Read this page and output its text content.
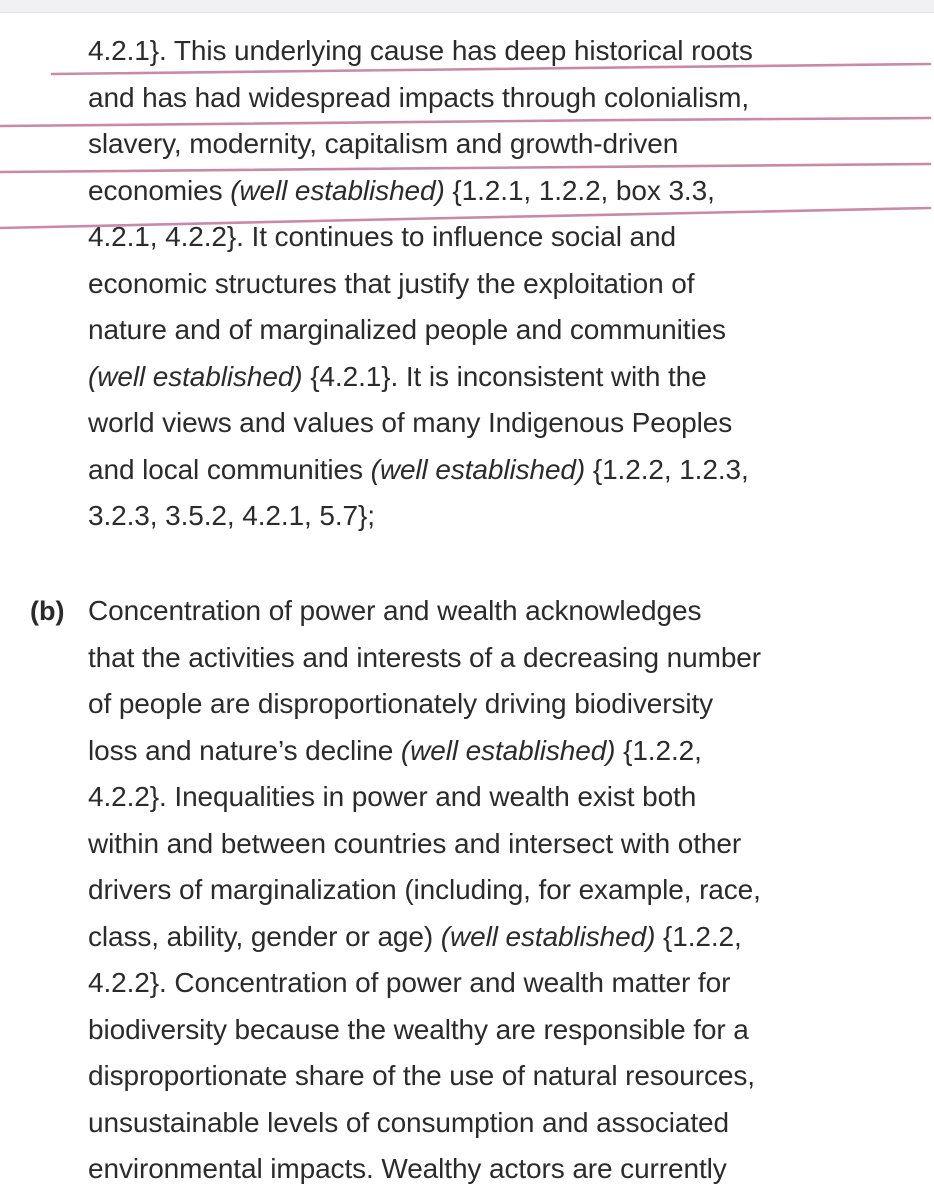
4.2.1}. This underlying cause has deep historical roots
and has had widespread impacts through colonialism,
slavery, modernity, capitalism and growth-driven
economies (well established) {1.2.1, 1.2.2, box 3.3,
4.2.1, 4.2.2}. It continues to influence social and
economic structures that justify the exploitation of
nature and of marginalized people and communities
(well established) {4.2.1}. It is inconsistent with the
world views and values of many Indigenous Peoples
and local communities (well established) {1.2.2, 1.2.3,
3.2.3, 3.5.2, 4.2.1, 5.7};
(b) Concentration of power and wealth acknowledges
that the activities and interests of a decreasing number
of people are disproportionately driving biodiversity
loss and nature’s decline (well established) {1.2.2,
4.2.2}. Inequalities in power and wealth exist both
within and between countries and intersect with other
drivers of marginalization (including, for example, race,
class, ability, gender or age) (well established) {1.2.2,
4.2.2}. Concentration of power and wealth matter for
biodiversity because the wealthy are responsible for a
disproportionate share of the use of natural resources,
unsustainable levels of consumption and associated
environmental impacts. Wealthy actors are currently
